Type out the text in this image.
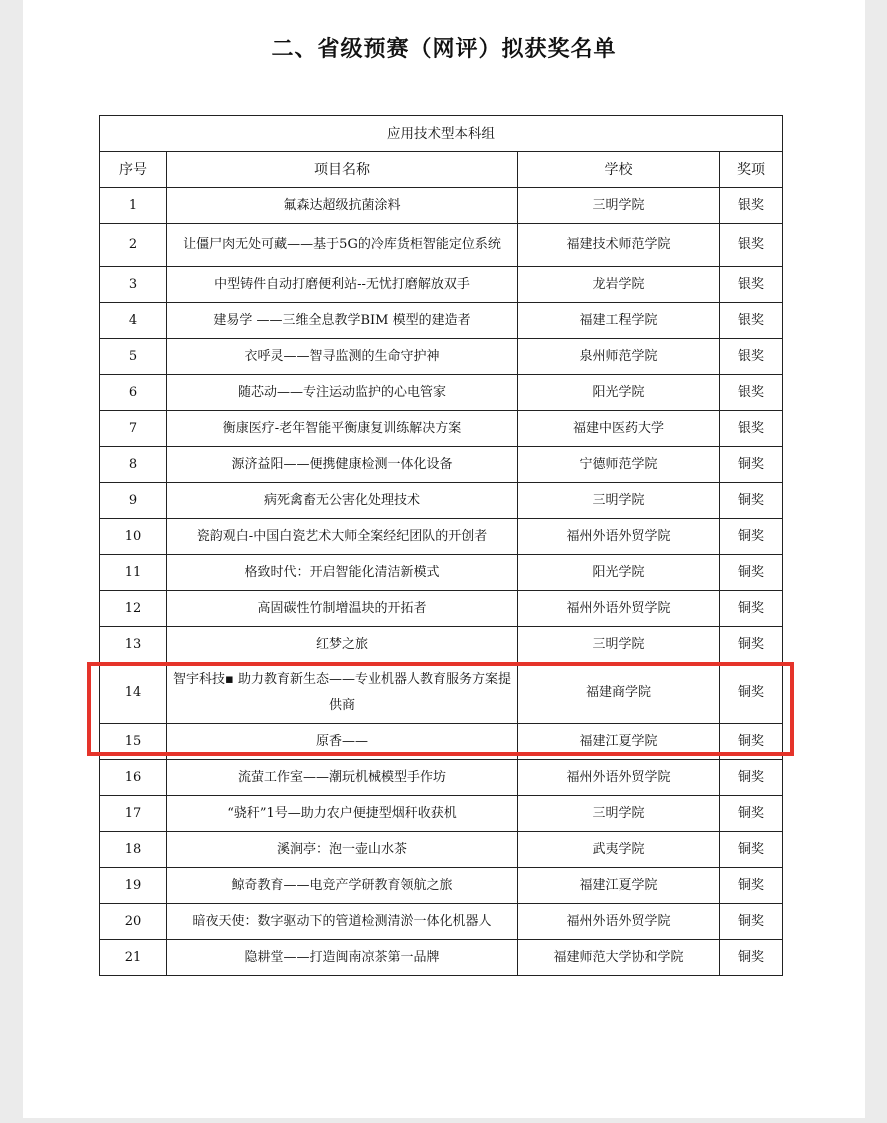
二、省级预赛（网评）拟获奖名单
应用技术型本科组			
序号	项目名称	学校	奖项
1	氟森达超级抗菌涂料	三明学院	银奖
2	让僵尸肉无处可藏——基于5G的冷库货柜智能定位系统	福建技术师范学院	银奖
3	中型铸件自动打磨便利站--无忧打磨解放双手	龙岩学院	银奖
4	建易学 ——三维全息教学BIM 模型的建造者	福建工程学院	银奖
5	衣呼灵——智寻监测的生命守护神	泉州师范学院	银奖
6	随芯动——专注运动监护的心电管家	阳光学院	银奖
7	衡康医疗-老年智能平衡康复训练解决方案	福建中医药大学	银奖
8	源济益阳——便携健康检测一体化设备	宁德师范学院	铜奖
9	病死禽畜无公害化处理技术	三明学院	铜奖
10	瓷韵观白-中国白瓷艺术大师全案经纪团队的开创者	福州外语外贸学院	铜奖
11	格致时代：开启智能化清洁新模式	阳光学院	铜奖
12	高固碳性竹制增温块的开拓者	福州外语外贸学院	铜奖
13	红梦之旅	三明学院	铜奖
14	智宇科技▪ 助力教育新生态——专业机器人教育服务方案提供商	福建商学院	铜奖
15	原香——	福建江夏学院	铜奖
16	流萤工作室——潮玩机械模型手作坊	福州外语外贸学院	铜奖
17	“骁秆”1号—助力农户便捷型烟秆收获机	三明学院	铜奖
18	溪涧亭：泡一壶山水茶	武夷学院	铜奖
19	鲸奇教育——电竞产学研教育领航之旅	福建江夏学院	铜奖
20	暗夜天使：数字驱动下的管道检测清淤一体化机器人	福州外语外贸学院	铜奖
21	隐耕堂——打造闽南凉茶第一品牌	福建师范大学协和学院	铜奖
